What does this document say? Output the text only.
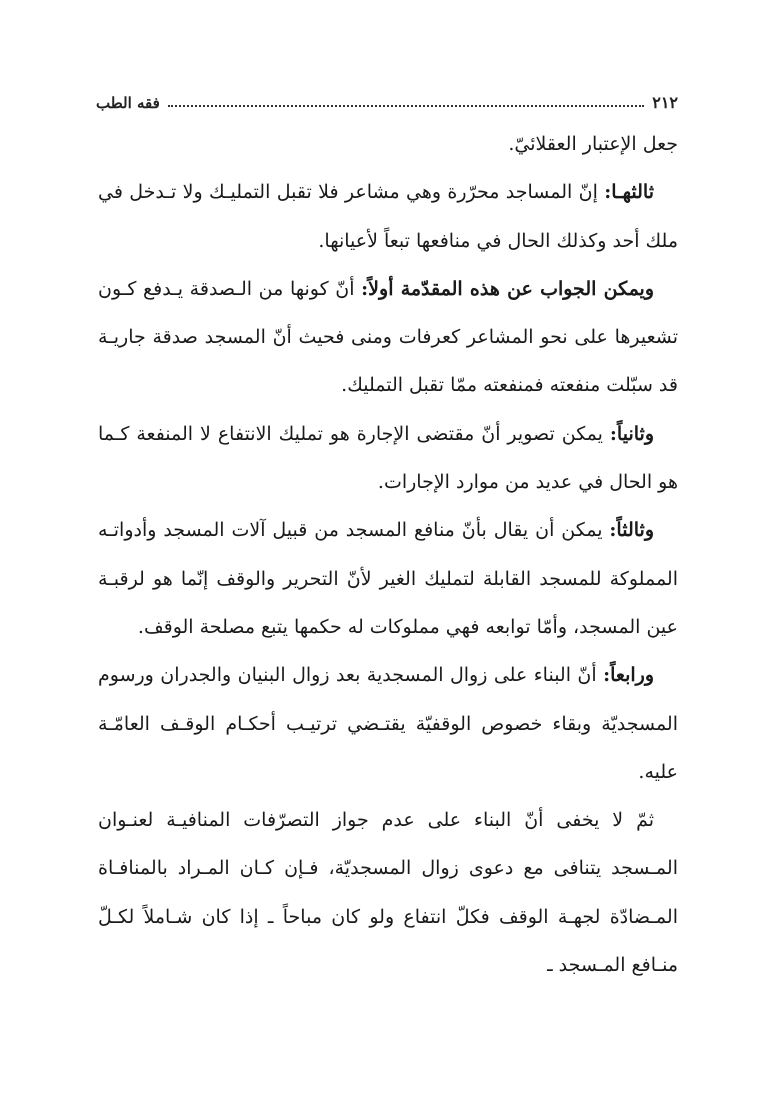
٢١٢
فقه الطب

جعل الإعتبار العقلائيّ.

ثالثهـا: إنّ المساجد محرّرة وهي مشاعر فلا تقبل التمليـك ولا تـدخل في ملك أحد وكذلك الحال في منافعها تبعاً لأعيانها.

ويمكن الجواب عن هذه المقدّمة أولاً: أنّ كونها من الـصدقة يـدفع كـون تشعيرها على نحو المشاعر كعرفات ومنى فحيث أنّ المسجد صدقة جاريـة قد سبّلت منفعته فمنفعته ممّا تقبل التمليك.

وثانياً: يمكن تصوير أنّ مقتضى الإجارة هو تمليك الانتفاع لا المنفعة كـما هو الحال في عديد من موارد الإجارات.

وثالثاً: يمكن أن يقال بأنّ منافع المسجد من قبيل آلات المسجد وأدواتـه المملوكة للمسجد القابلة لتمليك الغير لأنّ التحرير والوقف إنّما هو لرقبـة عين المسجد، وأمّا توابعه فهي مملوكات له حكمها يتبع مصلحة الوقف.

ورابعاً: أنّ البناء على زوال المسجدية بعد زوال البنيان والجدران ورسوم المسجديّة وبقاء خصوص الوقفيّة يقتـضي ترتيـب أحكـام الوقـف العامّـة عليه.

ثمّ لا يخفى أنّ البناء على عدم جواز التصرّفات المنافيـة لعنـوان المـسجد يتنافى مع دعوى زوال المسجديّة، فـإن كـان المـراد بالمنافـاة المـضادّة لجهـة الوقف فكلّ انتفاع ولو كان مباحاً ـ إذا كان شـاملاً لكـلّ منـافع المـسجد ـ
